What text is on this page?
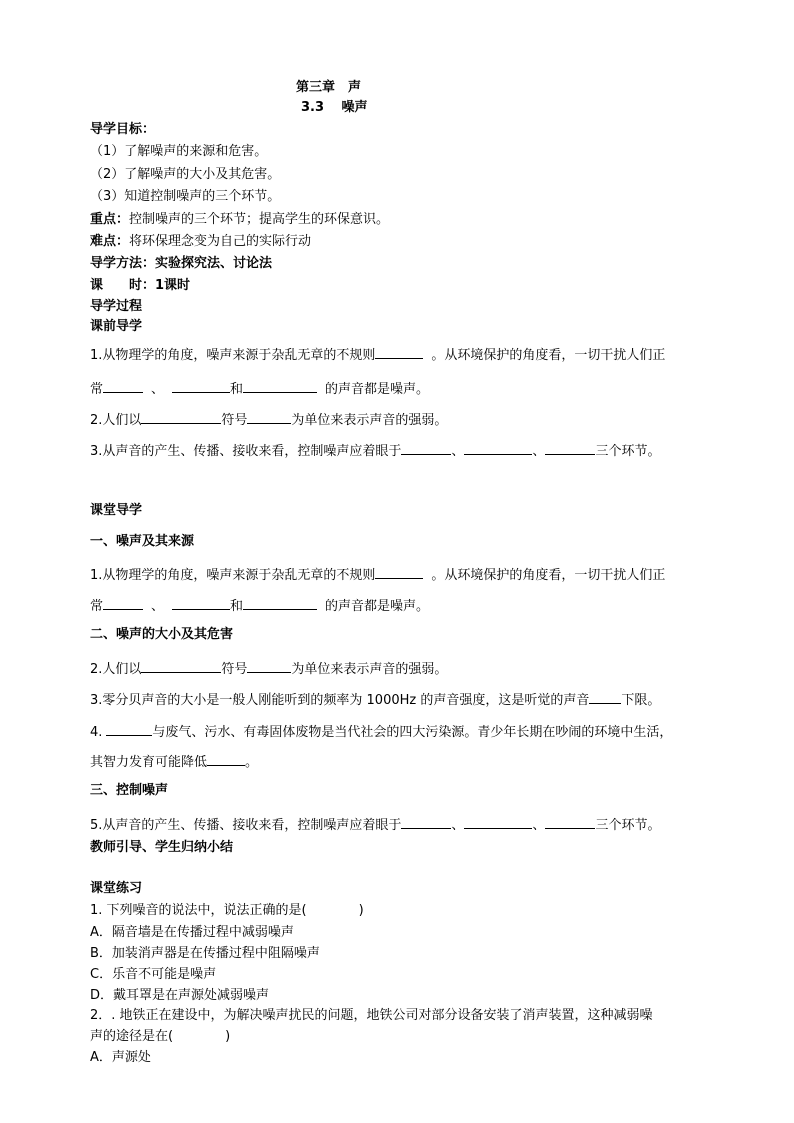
第三章　声
3.3　 噪声
导学目标：
（1）了解噪声的来源和危害。
（2）了解噪声的大小及其危害。
（3）知道控制噪声的三个环节。
重点：控制噪声的三个环节；提高学生的环保意识。
难点：将环保理念变为自己的实际行动
导学方法：实验探究法、讨论法
课　　时：1课时
导学过程
课前导学
1.从物理学的角度，噪声来源于杂乱无章的不规则	。从环境保护的角度看，一切干扰人们正
常	、	和	的声音都是噪声。
2.人们以	符号	为单位来表示声音的强弱。
3.从声音的产生、传播、接收来看，控制噪声应着眼于	、	、	三个环节。
课堂导学
一、噪声及其来源
1.从物理学的角度，噪声来源于杂乱无章的不规则	。从环境保护的角度看，一切干扰人们正
常	、	和	的声音都是噪声。
二、噪声的大小及其危害
2.人们以	符号	为单位来表示声音的强弱。
3.零分贝声音的大小是一般人刚能听到的频率为 1000Hz 的声音强度，这是听觉的声音 下限。
4.	与废气、污水、有毒固体废物是当代社会的四大污染源。青少年长期在吵闹的环境中生活，
其智力发育可能降低	。
三、控制噪声
5.从声音的产生、传播、接收来看，控制噪声应着眼于	、	、	三个环节。
教师引导、学生归纳小结
课堂练习
1. 下列噪音的说法中，说法正确的是(　　　　)
A．隔音墙是在传播过程中减弱噪声
B．加装消声器是在传播过程中阻隔噪声
C．乐音不可能是噪声
D．戴耳罩是在声源处减弱噪声
2．. 地铁正在建设中，为解决噪声扰民的问题，地铁公司对部分设备安装了消声装置，这种减弱噪
声的途径是在(　　　　)
A．声源处
